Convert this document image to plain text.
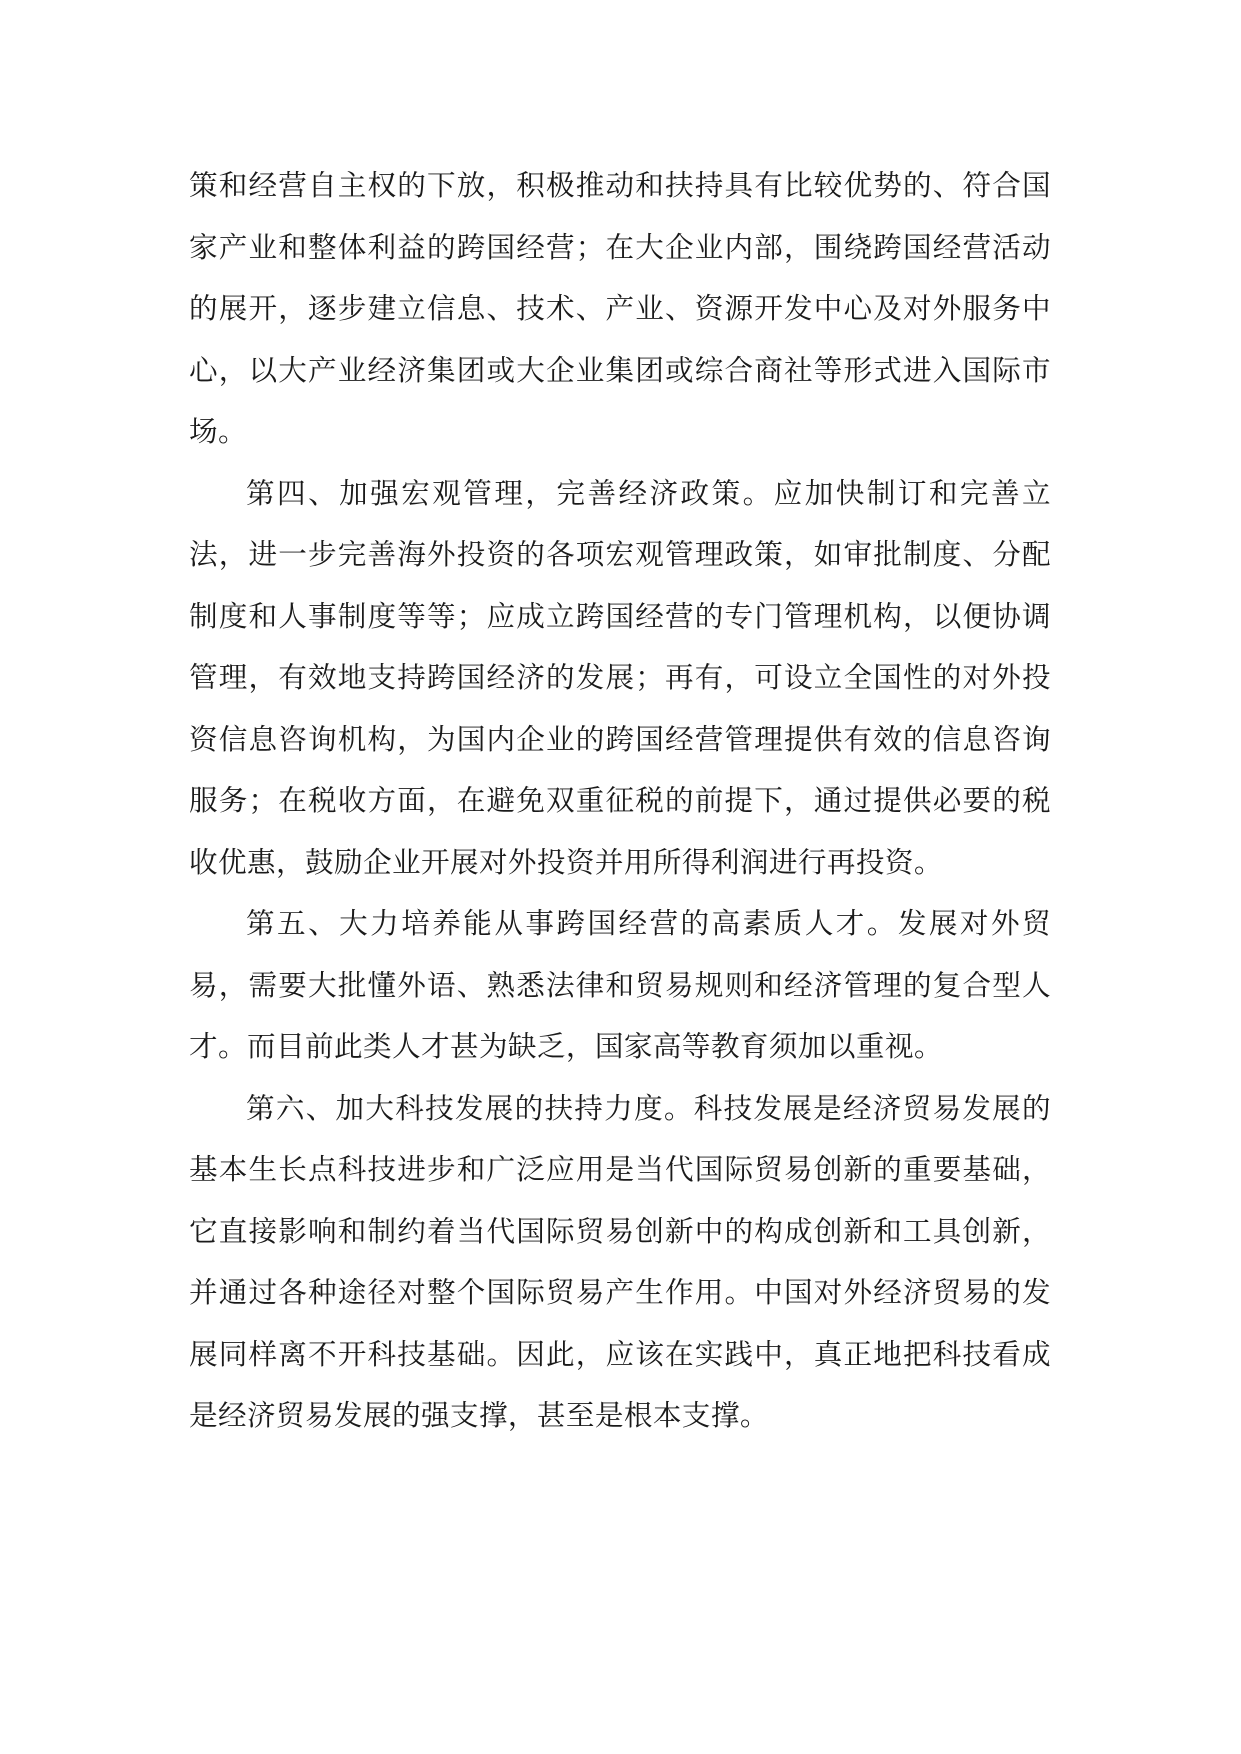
策和经营自主权的下放，积极推动和扶持具有比较优势的、符合国家产业和整体利益的跨国经营；在大企业内部，围绕跨国经营活动的展开，逐步建立信息、技术、产业、资源开发中心及对外服务中心，以大产业经济集团或大企业集团或综合商社等形式进入国际市场。

第四、加强宏观管理，完善经济政策。应加快制订和完善立法，进一步完善海外投资的各项宏观管理政策，如审批制度、分配制度和人事制度等等；应成立跨国经营的专门管理机构，以便协调管理，有效地支持跨国经济的发展；再有，可设立全国性的对外投资信息咨询机构，为国内企业的跨国经营管理提供有效的信息咨询服务；在税收方面，在避免双重征税的前提下，通过提供必要的税收优惠，鼓励企业开展对外投资并用所得利润进行再投资。

第五、大力培养能从事跨国经营的高素质人才。发展对外贸易，需要大批懂外语、熟悉法律和贸易规则和经济管理的复合型人才。而目前此类人才甚为缺乏，国家高等教育须加以重视。

第六、加大科技发展的扶持力度。科技发展是经济贸易发展的基本生长点科技进步和广泛应用是当代国际贸易创新的重要基础，它直接影响和制约着当代国际贸易创新中的构成创新和工具创新，并通过各种途径对整个国际贸易产生作用。中国对外经济贸易的发展同样离不开科技基础。因此，应该在实践中，真正地把科技看成是经济贸易发展的强支撑，甚至是根本支撑。
